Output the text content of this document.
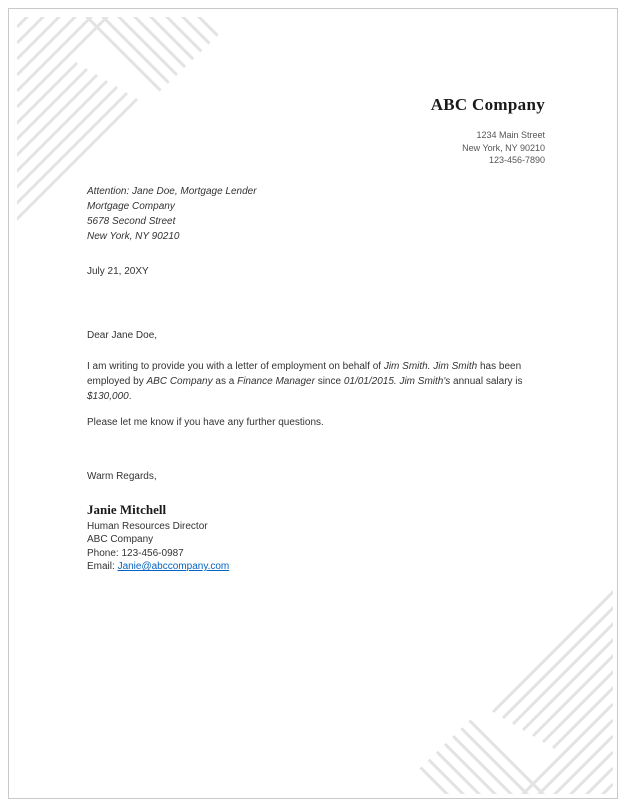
ABC Company
1234 Main Street
New York, NY 90210
123-456-7890
Attention: Jane Doe, Mortgage Lender
Mortgage Company
5678 Second Street
New York, NY 90210
July 21, 20XY

Dear Jane Doe,

I am writing to provide you with a letter of employment on behalf of Jim Smith. Jim Smith has been employed by ABC Company as a Finance Manager since 01/01/2015. Jim Smith's annual salary is $130,000.

Please let me know if you have any further questions.

Warm Regards,
Janie Mitchell
Human Resources Director
ABC Company
Phone: 123-456-0987
Email: Janie@abccompany.com
